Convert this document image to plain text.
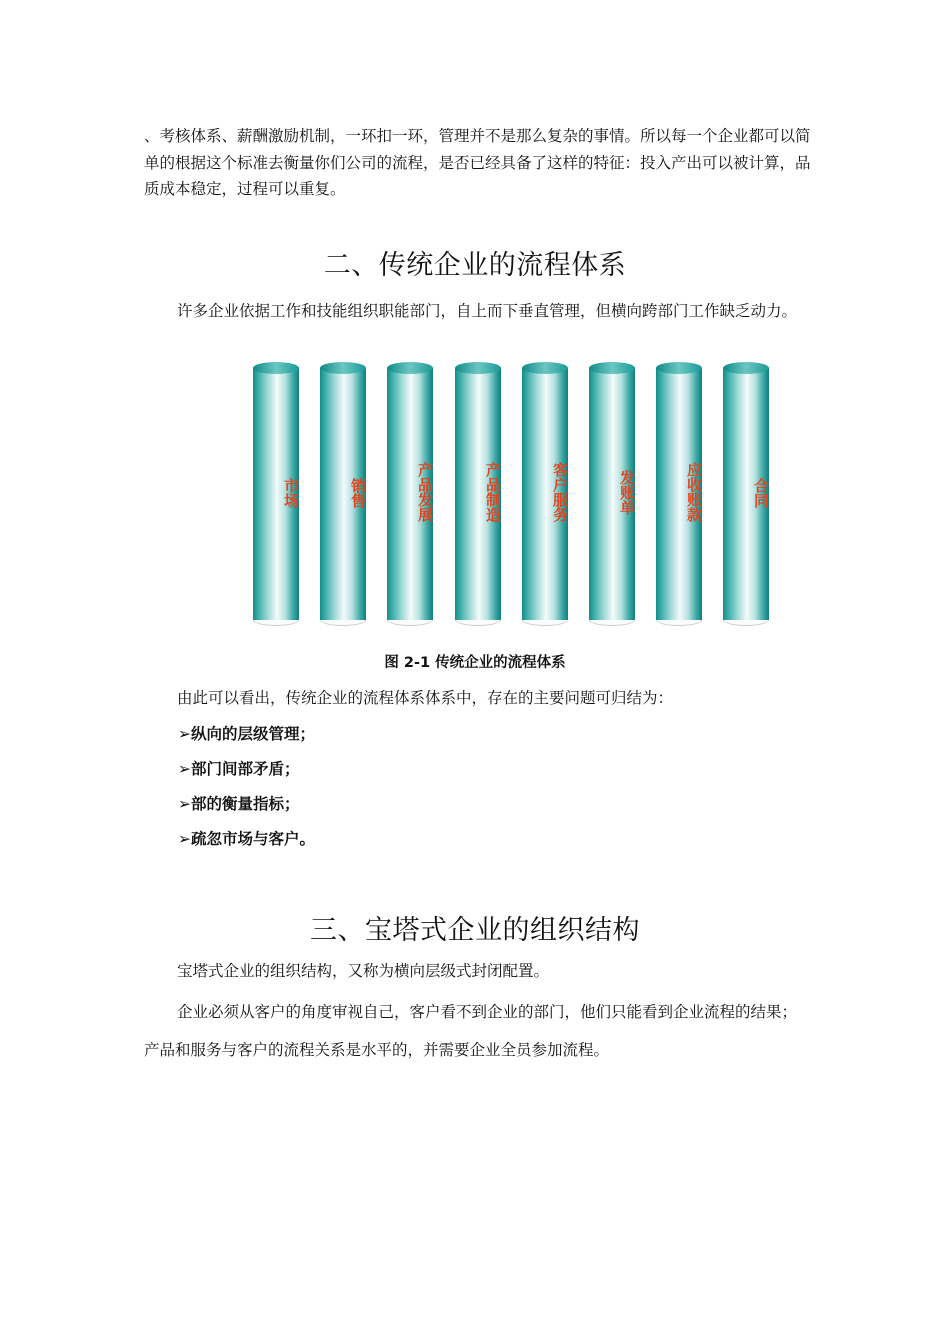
、考核体系、薪酬激励机制，一环扣一环，管理并不是那么复杂的事情。所以每一个企业都可以简单的根据这个标准去衡量你们公司的流程，是否已经具备了这样的特征：投入产出可以被计算，品质成本稳定，过程可以重复。

二、传统企业的流程体系

许多企业依据工作和技能组织职能部门，自上而下垂直管理，但横向跨部门工作缺乏动力。

市场	销售	产品发展	产品制造	客户服务	发账单	应收账款	合同

图 2-1 传统企业的流程体系

由此可以看出，传统企业的流程体系体系中，存在的主要问题可归结为：

➢纵向的层级管理；

➢部门间部矛盾；

➢部的衡量指标；

➢疏忽市场与客户。

三、宝塔式企业的组织结构

宝塔式企业的组织结构，又称为横向层级式封闭配置。

企业必须从客户的角度审视自己，客户看不到企业的部门，他们只能看到企业流程的结果；产品和服务与客户的流程关系是水平的，并需要企业全员参加流程。
